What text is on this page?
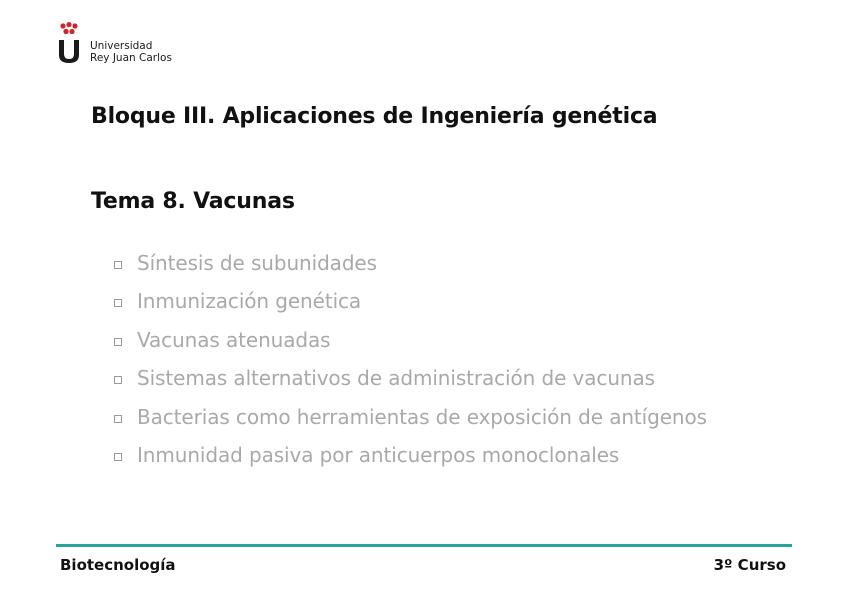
Universidad
Rey Juan Carlos
Bloque III. Aplicaciones de Ingeniería genética
Tema 8. Vacunas
Síntesis de subunidades
Inmunización genética
Vacunas atenuadas
Sistemas alternativos de administración de vacunas
Bacterias como herramientas de exposición de antígenos
Inmunidad pasiva por anticuerpos monoclonales
Biotecnología	3º Curso
